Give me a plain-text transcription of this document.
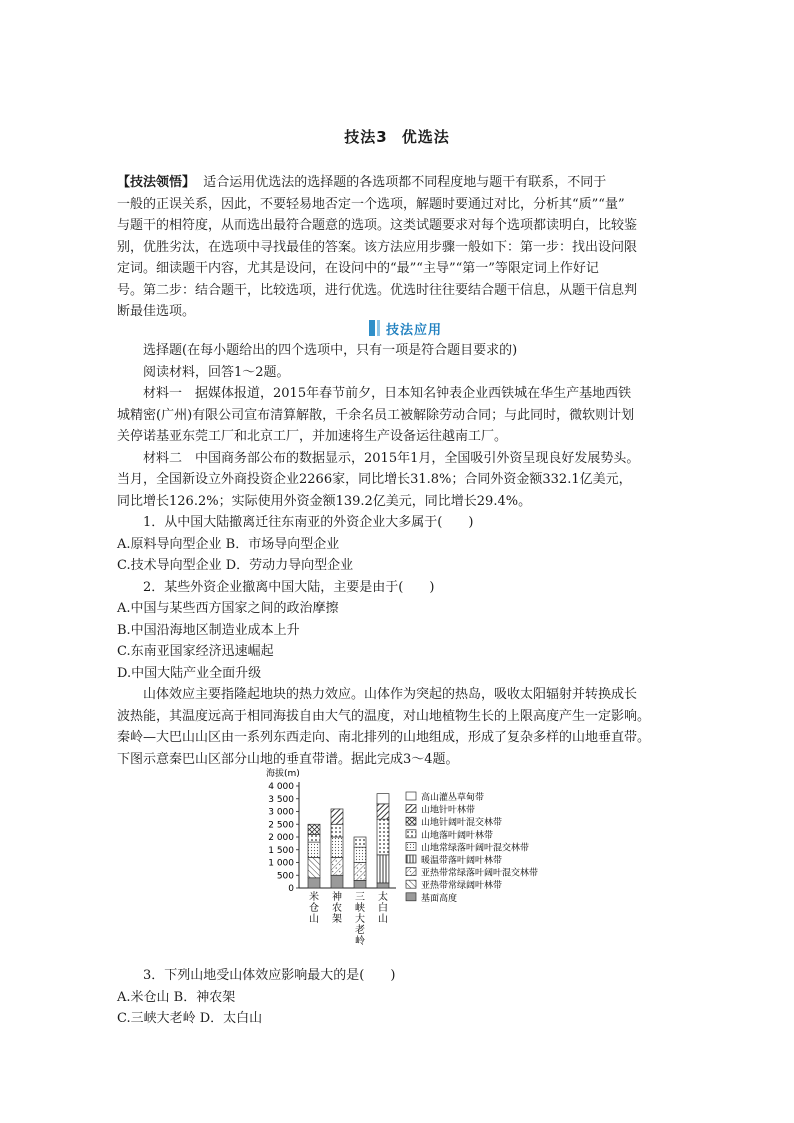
技法3 优选法
【技法领悟】 适合运用优选法的选择题的各选项都不同程度地与题干有联系，不同于
一般的正误关系，因此，不要轻易地否定一个选项，解题时要通过对比，分析其“质”“量”
与题干的相符度，从而选出最符合题意的选项。这类试题要求对每个选项都读明白，比较鉴
别，优胜劣汰，在选项中寻找最佳的答案。该方法应用步骤一般如下：第一步：找出设问限
定词。细读题干内容，尤其是设问，在设问中的“最”“主导”“第一”等限定词上作好记
号。第二步：结合题干，比较选项，进行优选。优选时往往要结合题干信息，从题干信息判
断最佳选项。
技法应用
选择题(在每小题给出的四个选项中，只有一项是符合题目要求的)
阅读材料，回答1～2题。
材料一　据媒体报道，2015年春节前夕，日本知名钟表企业西铁城在华生产基地西铁
城精密(广州)有限公司宣布清算解散，千余名员工被解除劳动合同；与此同时，微软则计划
关停诺基亚东莞工厂和北京工厂，并加速将生产设备运往越南工厂。
材料二　中国商务部公布的数据显示，2015年1月，全国吸引外资呈现良好发展势头。
当月，全国新设立外商投资企业2266家，同比增长31.8%；合同外资金额332.1亿美元，
同比增长126.2%；实际使用外资金额139.2亿美元，同比增长29.4%。
1．从中国大陆撤离迁往东南亚的外资企业大多属于(　　)
A.原料导向型企业 B．市场导向型企业
C.技术导向型企业 D．劳动力导向型企业
2．某些外资企业撤离中国大陆，主要是由于(　　)
A.中国与某些西方国家之间的政治摩擦
B.中国沿海地区制造业成本上升
C.东南亚国家经济迅速崛起
D.中国大陆产业全面升级
山体效应主要指隆起地块的热力效应。山体作为突起的热岛，吸收太阳辐射并转换成长
波热能，其温度远高于相同海拔自由大气的温度，对山地植物生长的上限高度产生一定影响。
秦岭—大巴山山区由一系列东西走向、南北排列的山地组成，形成了复杂多样的山地垂直带。
下图示意秦巴山区部分山地的垂直带谱。据此完成3～4题。
海拔(m)
4 000
3 500
3 000
2 500
2 000
1 500
1 000
500
0
米
仓
山
神
农
架
三
峡
大
老
岭
太
白
山
高山灌丛草甸带
山地针叶林带
山地针阔叶混交林带
山地落叶阔叶林带
山地常绿落叶阔叶混交林带
暖温带落叶阔叶林带
亚热带常绿落叶阔叶混交林带
亚热带常绿阔叶林带
基面高度
3．下列山地受山体效应影响最大的是(　　)
A.米仓山 B．神农架
C.三峡大老岭 D．太白山
